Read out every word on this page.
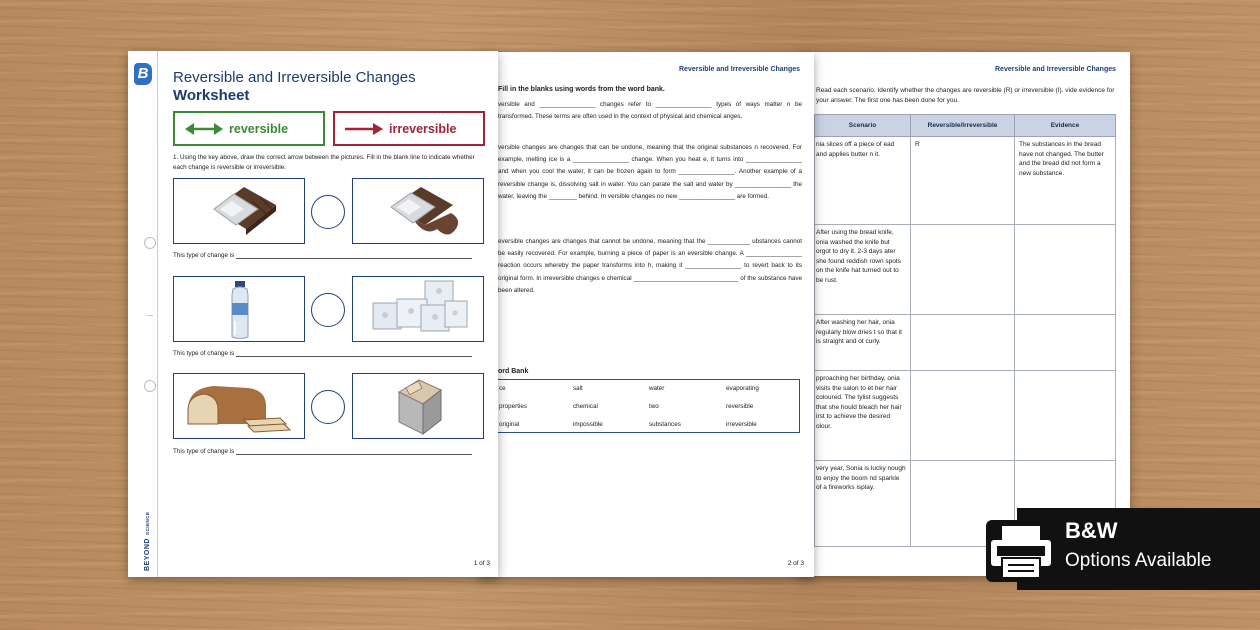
Reversible and Irreversible Changes
Read each scenario. Identify whether the changes are reversible (R) or irreversible (I). vide evidence for your answer. The first one has been done for you.
Scenario	Reversible/Irreversible	Evidence
nia slices off a piece of ead and applies butter n it.	R	The substances in the bread have not changed. The butter and the bread did not form a new substance.
After using the bread knife, onia washed the knife but orgot to dry it. 2-3 days ater she found reddish rown spots on the knife hat turned out to be rust.		
After washing her hair, onia regularly blow dries t so that it is straight and ot curly.		
pproaching her birthday, onia visits the salon to et her hair coloured. The tylist suggests that she hould bleach her hair irst to achieve the desired olour.		
very year, Sonia is lucky nough to enjoy the boom nd sparkle of a fireworks isplay.		
Reversible and Irreversible Changes
Fill in the blanks using words from the word bank.
versible and ________________ changes refer to ________________ types of ways matter n be transformed. These terms are often used in the context of physical and chemical anges.
versible changes are changes that can be undone, meaning that the original substances n recovered. For example, melting ice is a ________________ change. When you heat e, it turns into ________________ and when you cool the water, it can be frozen again to form ________________. Another example of a reversible change is, dissolving salt in water. You can parate the salt and water by ________________ the water, leaving the ________ behind. In versible changes no new ________________ are formed.
eversible changes are changes that cannot be undone, meaning that the ____________ ubstances cannot be easily recovered. For example, burning a piece of paper is an eversible change. A ________________ reaction occurs whereby the paper transforms into h, making it ________________ to revert back to its original form. In irreversible changes e chemical ______________________________ of the substance have been altered.
ord Bank
ce	salt	water	evaporating
properties	chemical	two	reversible
original	impossible	substances	irreversible
2 of 3
B
BEYONDSCIENCE
Reversible and Irreversible Changes
Worksheet
reversible	irreversible
1. Using the key above, draw the correct arrow between the pictures. Fill in the blank line to indicate whether each change is reversible or irreversible.
This type of change is
This type of change is
This type of change is
1 of 3
B&W
Options Available
